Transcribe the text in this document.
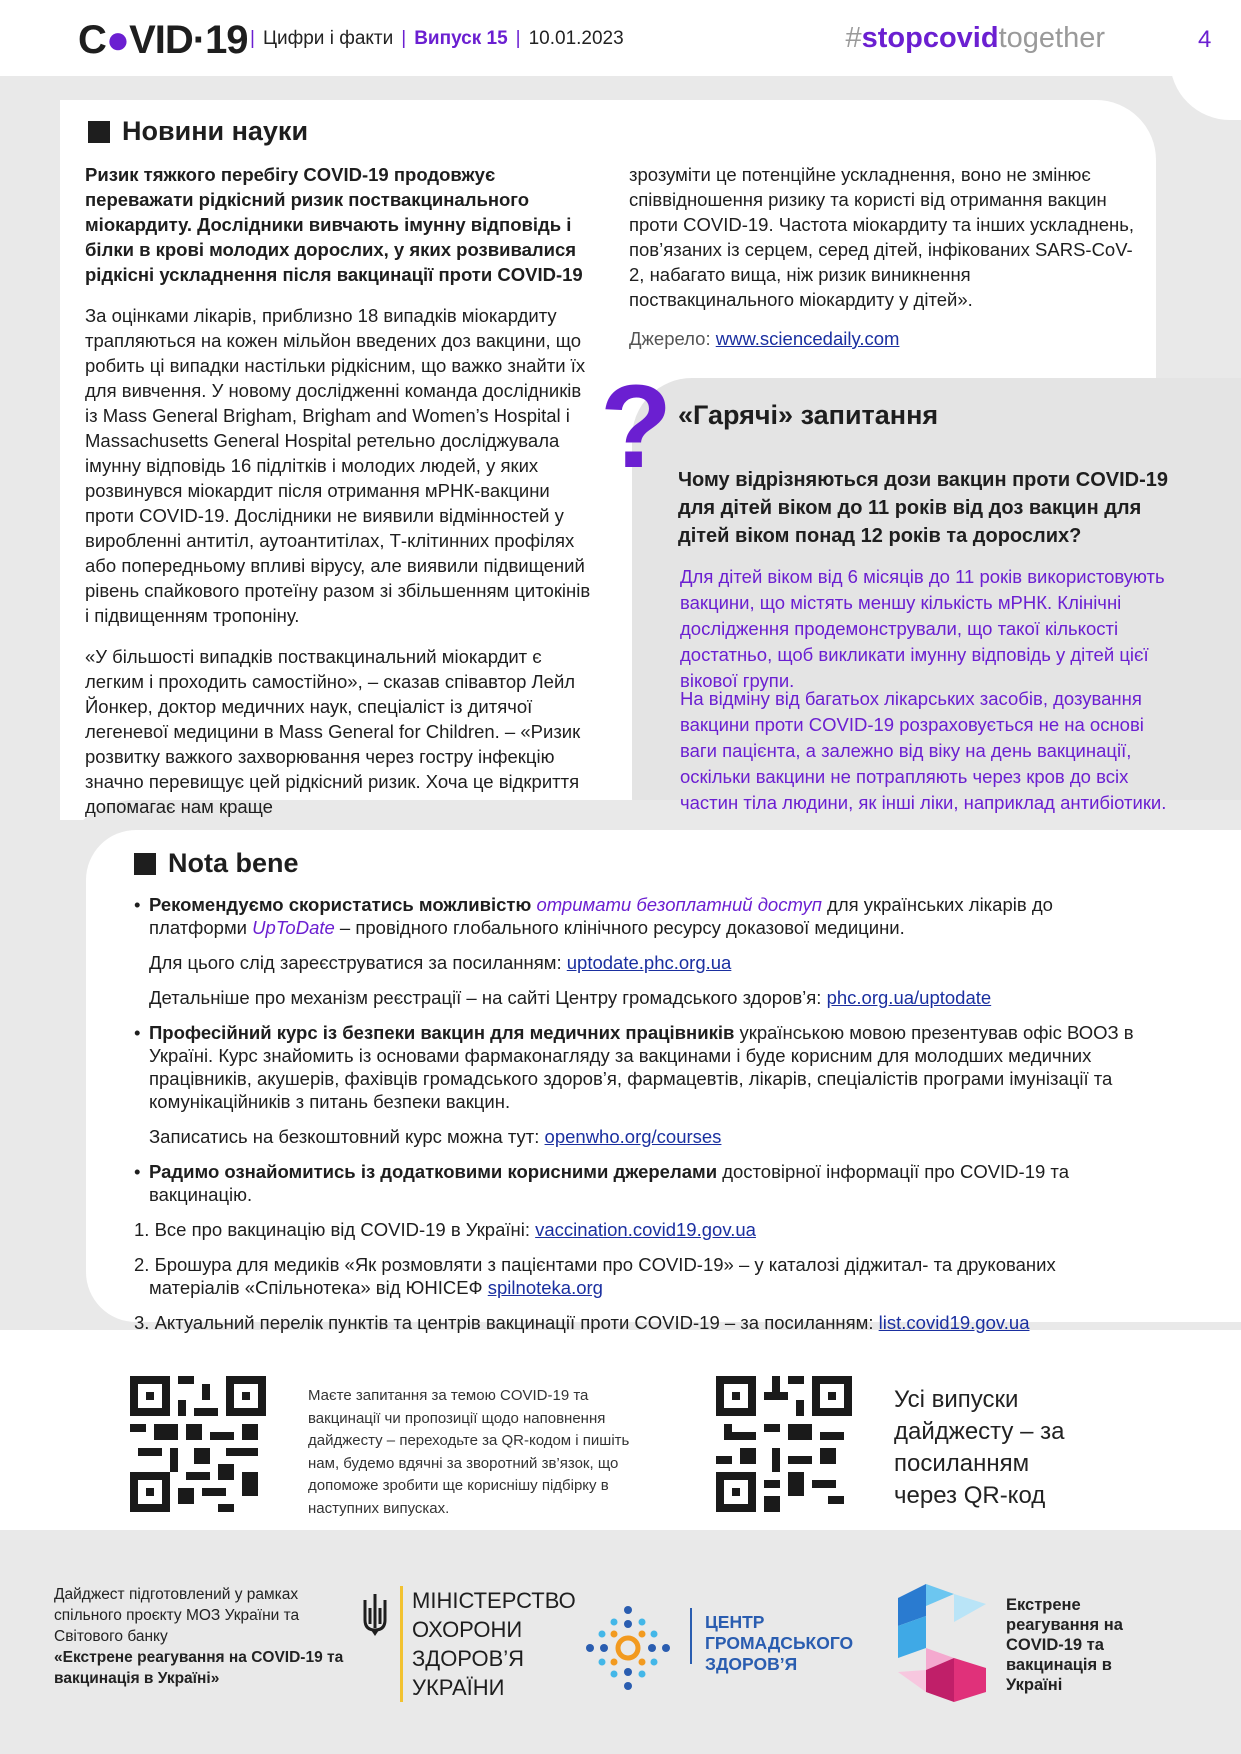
C●VID·19 | Цифри і факти | Випуск 15 | 10.01.2023	#stopcovidtogether	4
Новини науки

Ризик тяжкого перебігу COVID-19 продовжує переважати рідкісний ризик поствакцинального міокардиту. Дослідники вивчають імунну відповідь і білки в крові молодих дорослих, у яких розвивалися рідкісні ускладнення після вакцинації проти COVID-19

За оцінками лікарів, приблизно 18 випадків міокардиту трапляються на кожен мільйон введених доз вакцини, що робить ці випадки настільки рідкісним, що важко знайти їх для вивчення. У новому дослідженні команда дослідників із Mass General Brigham, Brigham and Women’s Hospital і Massachusetts General Hospital ретельно досліджувала імунну відповідь 16 підлітків і молодих людей, у яких розвинувся міокардит після отримання мРНК-вакцини проти COVID-19. Дослідники не виявили відмінностей у виробленні антитіл, аутоантитілах, Т-клітинних профілях або попередньому впливі вірусу, але виявили підвищений рівень спайкового протеїну разом зі збільшенням цитокінів і підвищенням тропоніну.

«У більшості випадків поствакцинальний міокардит є легким і проходить самостійно», – сказав співавтор Лейл Йонкер, доктор медичних наук, спеціаліст із дитячої легеневої медицини в Mass General for Children. – «Ризик розвитку важкого захворювання через гостру інфекцію значно перевищує цей рідкісний ризик. Хоча це відкриття допомагає нам краще

зрозуміти це потенційне ускладнення, воно не змінює співвідношення ризику та користі від отримання вакцин проти COVID-19. Частота міокардиту та інших ускладнень, пов’язаних із серцем, серед дітей, інфікованих SARS-CoV-2, набагато вища, ніж ризик виникнення поствакцинального міокардиту у дітей».

Джерело: www.sciencedaily.com

? «Гарячі» запитання
Чому відрізняються дози вакцин проти COVID-19 для дітей віком до 11 років від доз вакцин для дітей віком понад 12 років та дорослих?
Для дітей віком від 6 місяців до 11 років використовують вакцини, що містять меншу кількість мРНК. Клінічні дослідження продемонстрували, що такої кількості достатньо, щоб викликати імунну відповідь у дітей цієї вікової групи.
На відміну від багатьох лікарських засобів, дозування вакцини проти COVID-19 розраховується не на основі ваги пацієнта, а залежно від віку на день вакцинації, оскільки вакцини не потрапляють через кров до всіх частин тіла людини, як інші ліки, наприклад антибіотики.
Nota bene
• Рекомендуємо скористатись можливістю отримати безоплатний доступ для українських лікарів до платформи UpToDate – провідного глобального клінічного ресурсу доказової медицини.

Для цього слід зареєструватися за посиланням: uptodate.phc.org.ua

Детальніше про механізм реєстрації – на сайті Центру громадського здоров’я: phc.org.ua/uptodate

• Професійний курс із безпеки вакцин для медичних працівників українською мовою презентував офіс ВООЗ в Україні. Курс знайомить із основами фармаконагляду за вакцинами і буде корисним для молодших медичних працівників, акушерів, фахівців громадського здоров’я, фармацевтів, лікарів, спеціалістів програми імунізації та комунікаційників з питань безпеки вакцин.

Записатись на безкоштовний курс можна тут: openwho.org/courses

• Радимо ознайомитись із додатковими корисними джерелами достовірної інформації про COVID-19 та вакцинацію.

1. Все про вакцинацію від COVID-19 в Україні: vaccination.covid19.gov.ua

2. Брошура для медиків «Як розмовляти з пацієнтами про COVID-19» – у каталозі діджитал- та друкованих матеріалів «Спільнотека» від ЮНІСЕФ spilnoteka.org

3. Актуальний перелік пунктів та центрів вакцинації проти COVID-19 – за посиланням: list.covid19.gov.ua

Маєте запитання за темою COVID-19 та вакцинації чи пропозиції щодо наповнення дайджесту – переходьте за QR-кодом і пишіть нам, будемо вдячні за зворотний зв’язок, що допоможе зробити ще кориснішу підбірку в наступних випусках.
Усі випуски дайджесту – за посиланням через QR-код
Дайджест підготовлений у рамках спільного проєкту МОЗ України та Світового банку
«Екстрене реагування на COVID-19 та вакцинація в Україні»
МІНІСТЕРСТВО ОХОРОНИ ЗДОРОВ’Я УКРАЇНИ
ЦЕНТР ГРОМАДСЬКОГО ЗДОРОВ’Я
Екстрене реагування на COVID-19 та вакцинація в Україні
